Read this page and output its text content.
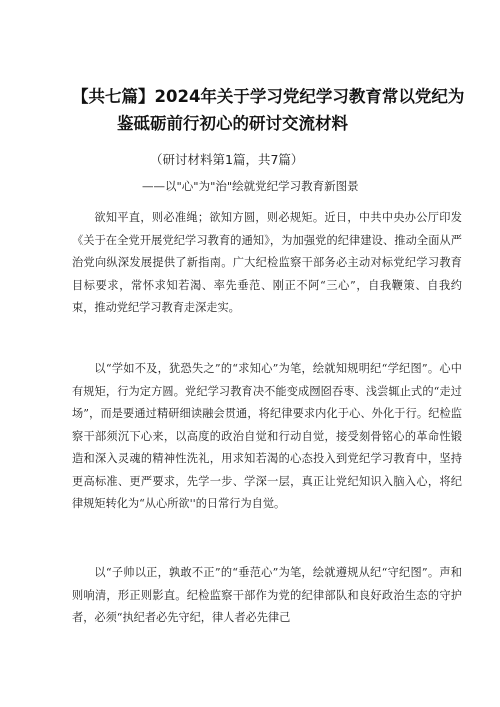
【共七篇】2024年关于学习党纪学习教育常以党纪为
鉴砥砺前行初心的研讨交流材料
（研讨材料第1篇，共7篇）
——以"心"为"治"绘就党纪学习教育新图景

欲知平直，则必准绳；欲知方圆，则必规矩。近日，中共中央办公厅印发《关于在全党开展党纪学习教育的通知》，为加强党的纪律建设、推动全面从严治党向纵深发展提供了新指南。广大纪检监察干部务必主动对标党纪学习教育目标要求，常怀求知若渴、率先垂范、刚正不阿“三心”，自我鞭策、自我约束，推动党纪学习教育走深走实。

以“学如不及，犹恐失之”的“求知心”为笔，绘就知规明纪“学纪图”。心中有规矩，行为定方圆。党纪学习教育决不能变成囫囵吞枣、浅尝辄止式的“走过场”，而是要通过精研细读融会贯通，将纪律要求内化于心、外化于行。纪检监察干部须沉下心来，以高度的政治自觉和行动自觉，接受刻骨铭心的革命性锻造和深入灵魂的精神性洗礼，用求知若渴的心态投入到党纪学习教育中，坚持更高标准、更严要求，先学一步、学深一层，真正让党纪知识入脑入心，将纪律规矩转化为“从心所欲''的日常行为自觉。

以“子帅以正，孰敢不正”的“垂范心”为笔，绘就遵规从纪“守纪图”。声和则响清，形正则影直。纪检监察干部作为党的纪律部队和良好政治生态的守护者，必须“执纪者必先守纪，律人者必先律己
